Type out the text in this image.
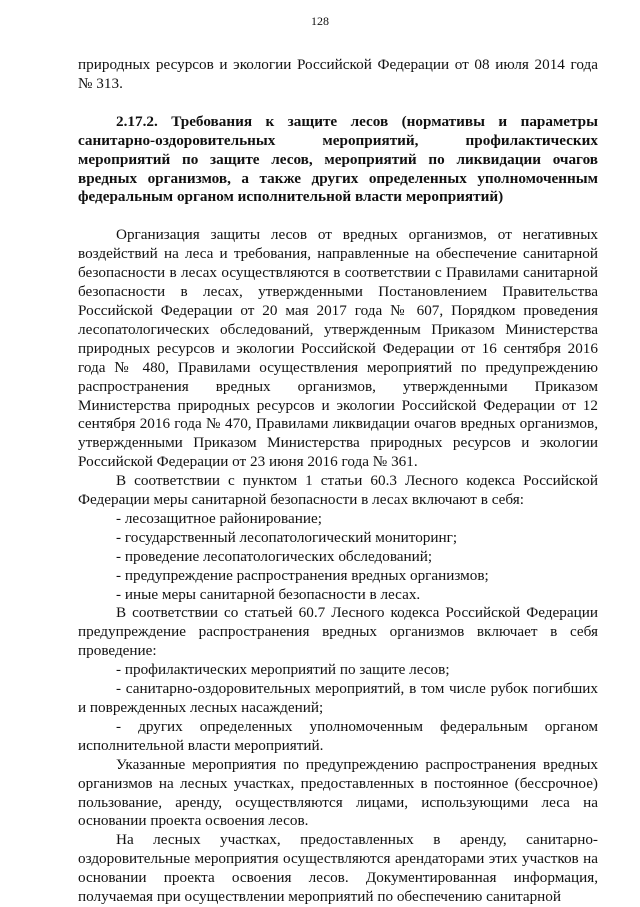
128

природных ресурсов и экологии Российской Федерации от 08 июля 2014 года № 313.

2.17.2. Требования к защите лесов (нормативы и параметры санитарно-оздоровительных мероприятий, профилактических мероприятий по защите лесов, мероприятий по ликвидации очагов вредных организмов, а также других определенных уполномоченным федеральным органом исполнительной власти мероприятий)

Организация защиты лесов от вредных организмов, от негативных воздействий на леса и требования, направленные на обеспечение санитарной безопасности в лесах осуществляются в соответствии с Правилами санитарной безопасности в лесах, утвержденными Постановлением Правительства Российской Федерации от 20 мая 2017 года № 607, Порядком проведения лесопатологических обследований, утвержденным Приказом Министерства природных ресурсов и экологии Российской Федерации от 16 сентября 2016 года № 480, Правилами осуществления мероприятий по предупреждению распространения вредных организмов, утвержденными Приказом Министерства природных ресурсов и экологии Российской Федерации от 12 сентября 2016 года № 470, Правилами ликвидации очагов вредных организмов, утвержденными Приказом Министерства природных ресурсов и экологии Российской Федерации от 23 июня 2016 года № 361.

В соответствии с пунктом 1 статьи 60.3 Лесного кодекса Российской Федерации меры санитарной безопасности в лесах включают в себя:

- лесозащитное районирование;

- государственный лесопатологический мониторинг;

- проведение лесопатологических обследований;

- предупреждение распространения вредных организмов;

- иные меры санитарной безопасности в лесах.

В соответствии со статьей 60.7 Лесного кодекса Российской Федерации предупреждение распространения вредных организмов включает в себя проведение:

- профилактических мероприятий по защите лесов;

- санитарно-оздоровительных мероприятий, в том числе рубок погибших и поврежденных лесных насаждений;

- других определенных уполномоченным федеральным органом исполнительной власти мероприятий.

Указанные мероприятия по предупреждению распространения вредных организмов на лесных участках, предоставленных в постоянное (бессрочное) пользование, аренду, осуществляются лицами, использующими леса на основании проекта освоения лесов.

На лесных участках, предоставленных в аренду, санитарно-оздоровительные мероприятия осуществляются арендаторами этих участков на основании проекта освоения лесов. Документированная информация, получаемая при осуществлении мероприятий по обеспечению санитарной
